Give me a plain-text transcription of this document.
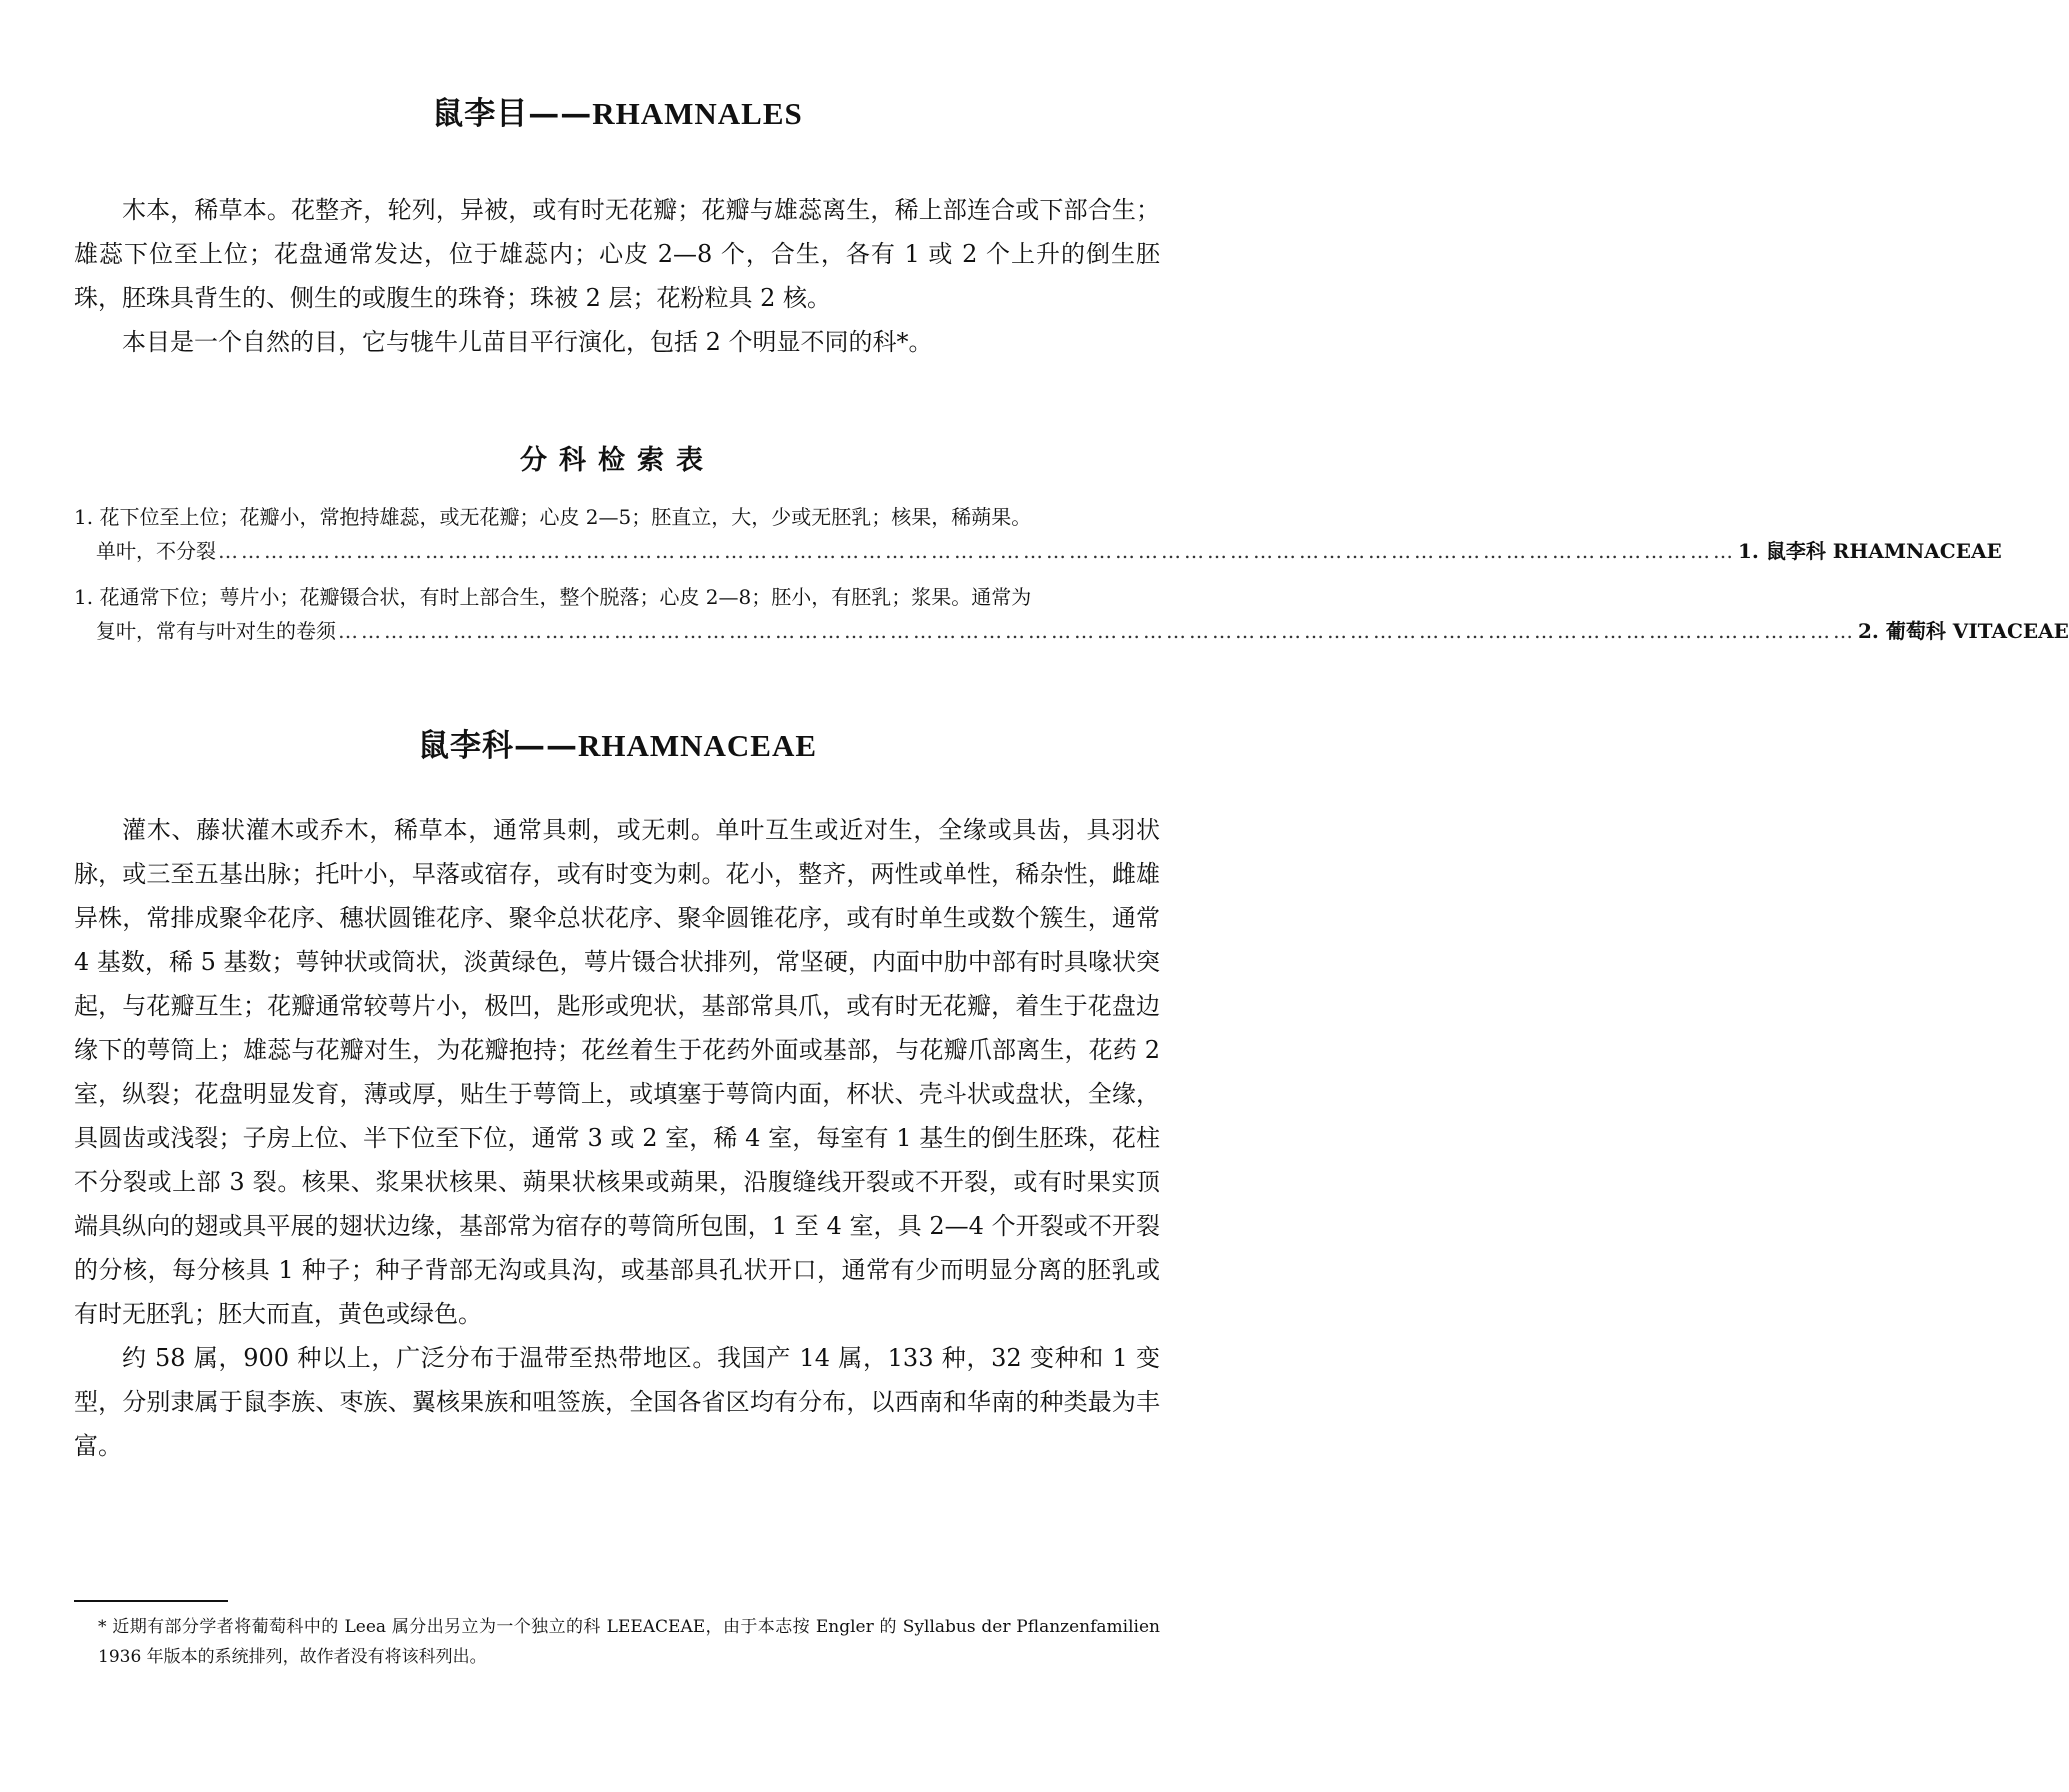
鼠李目——RHAMNALES

木本，稀草本。花整齐，轮列，异被，或有时无花瓣；花瓣与雄蕊离生，稀上部连合或下部合生；雄蕊下位至上位；花盘通常发达，位于雄蕊内；心皮 2—8 个，合生，各有 1 或 2 个上升的倒生胚珠，胚珠具背生的、侧生的或腹生的珠脊；珠被 2 层；花粉粒具 2 核。

本目是一个自然的目，它与牻牛儿苗目平行演化，包括 2 个明显不同的科*。

分科检索表
1. 花下位至上位；花瓣小，常抱持雄蕊，或无花瓣；心皮 2—5；胚直立，大，少或无胚乳；核果，稀蒴果。
单叶，不分裂 ……………………………………………………………………………………………………………………………………………………………………………… 1. 鼠李科 RHAMNACEAE
1. 花通常下位；萼片小；花瓣镊合状，有时上部合生，整个脱落；心皮 2—8；胚小，有胚乳；浆果。通常为
复叶，常有与叶对生的卷须 ……………………………………………………………………………………………………………………………………………………………………………… 2. 葡萄科 VITACEAE
鼠李科——RHAMNACEAE

灌木、藤状灌木或乔木，稀草本，通常具刺，或无刺。单叶互生或近对生，全缘或具齿，具羽状脉，或三至五基出脉；托叶小，早落或宿存，或有时变为刺。花小，整齐，两性或单性，稀杂性，雌雄异株，常排成聚伞花序、穗状圆锥花序、聚伞总状花序、聚伞圆锥花序，或有时单生或数个簇生，通常 4 基数，稀 5 基数；萼钟状或筒状，淡黄绿色，萼片镊合状排列，常坚硬，内面中肋中部有时具喙状突起，与花瓣互生；花瓣通常较萼片小，极凹，匙形或兜状，基部常具爪，或有时无花瓣，着生于花盘边缘下的萼筒上；雄蕊与花瓣对生，为花瓣抱持；花丝着生于花药外面或基部，与花瓣爪部离生，花药 2 室，纵裂；花盘明显发育，薄或厚，贴生于萼筒上，或填塞于萼筒内面，杯状、壳斗状或盘状，全缘，具圆齿或浅裂；子房上位、半下位至下位，通常 3 或 2 室，稀 4 室，每室有 1 基生的倒生胚珠，花柱不分裂或上部 3 裂。核果、浆果状核果、蒴果状核果或蒴果，沿腹缝线开裂或不开裂，或有时果实顶端具纵向的翅或具平展的翅状边缘，基部常为宿存的萼筒所包围，1 至 4 室，具 2—4 个开裂或不开裂的分核，每分核具 1 种子；种子背部无沟或具沟，或基部具孔状开口，通常有少而明显分离的胚乳或有时无胚乳；胚大而直，黄色或绿色。

约 58 属，900 种以上，广泛分布于温带至热带地区。我国产 14 属，133 种，32 变种和 1 变型，分别隶属于鼠李族、枣族、翼核果族和咀签族，全国各省区均有分布，以西南和华南的种类最为丰富。

* 近期有部分学者将葡萄科中的 Leea 属分出另立为一个独立的科 LEEACEAE，由于本志按 Engler 的 Syllabus der Pflanzenfamilien 1936 年版本的系统排列，故作者没有将该科列出。
